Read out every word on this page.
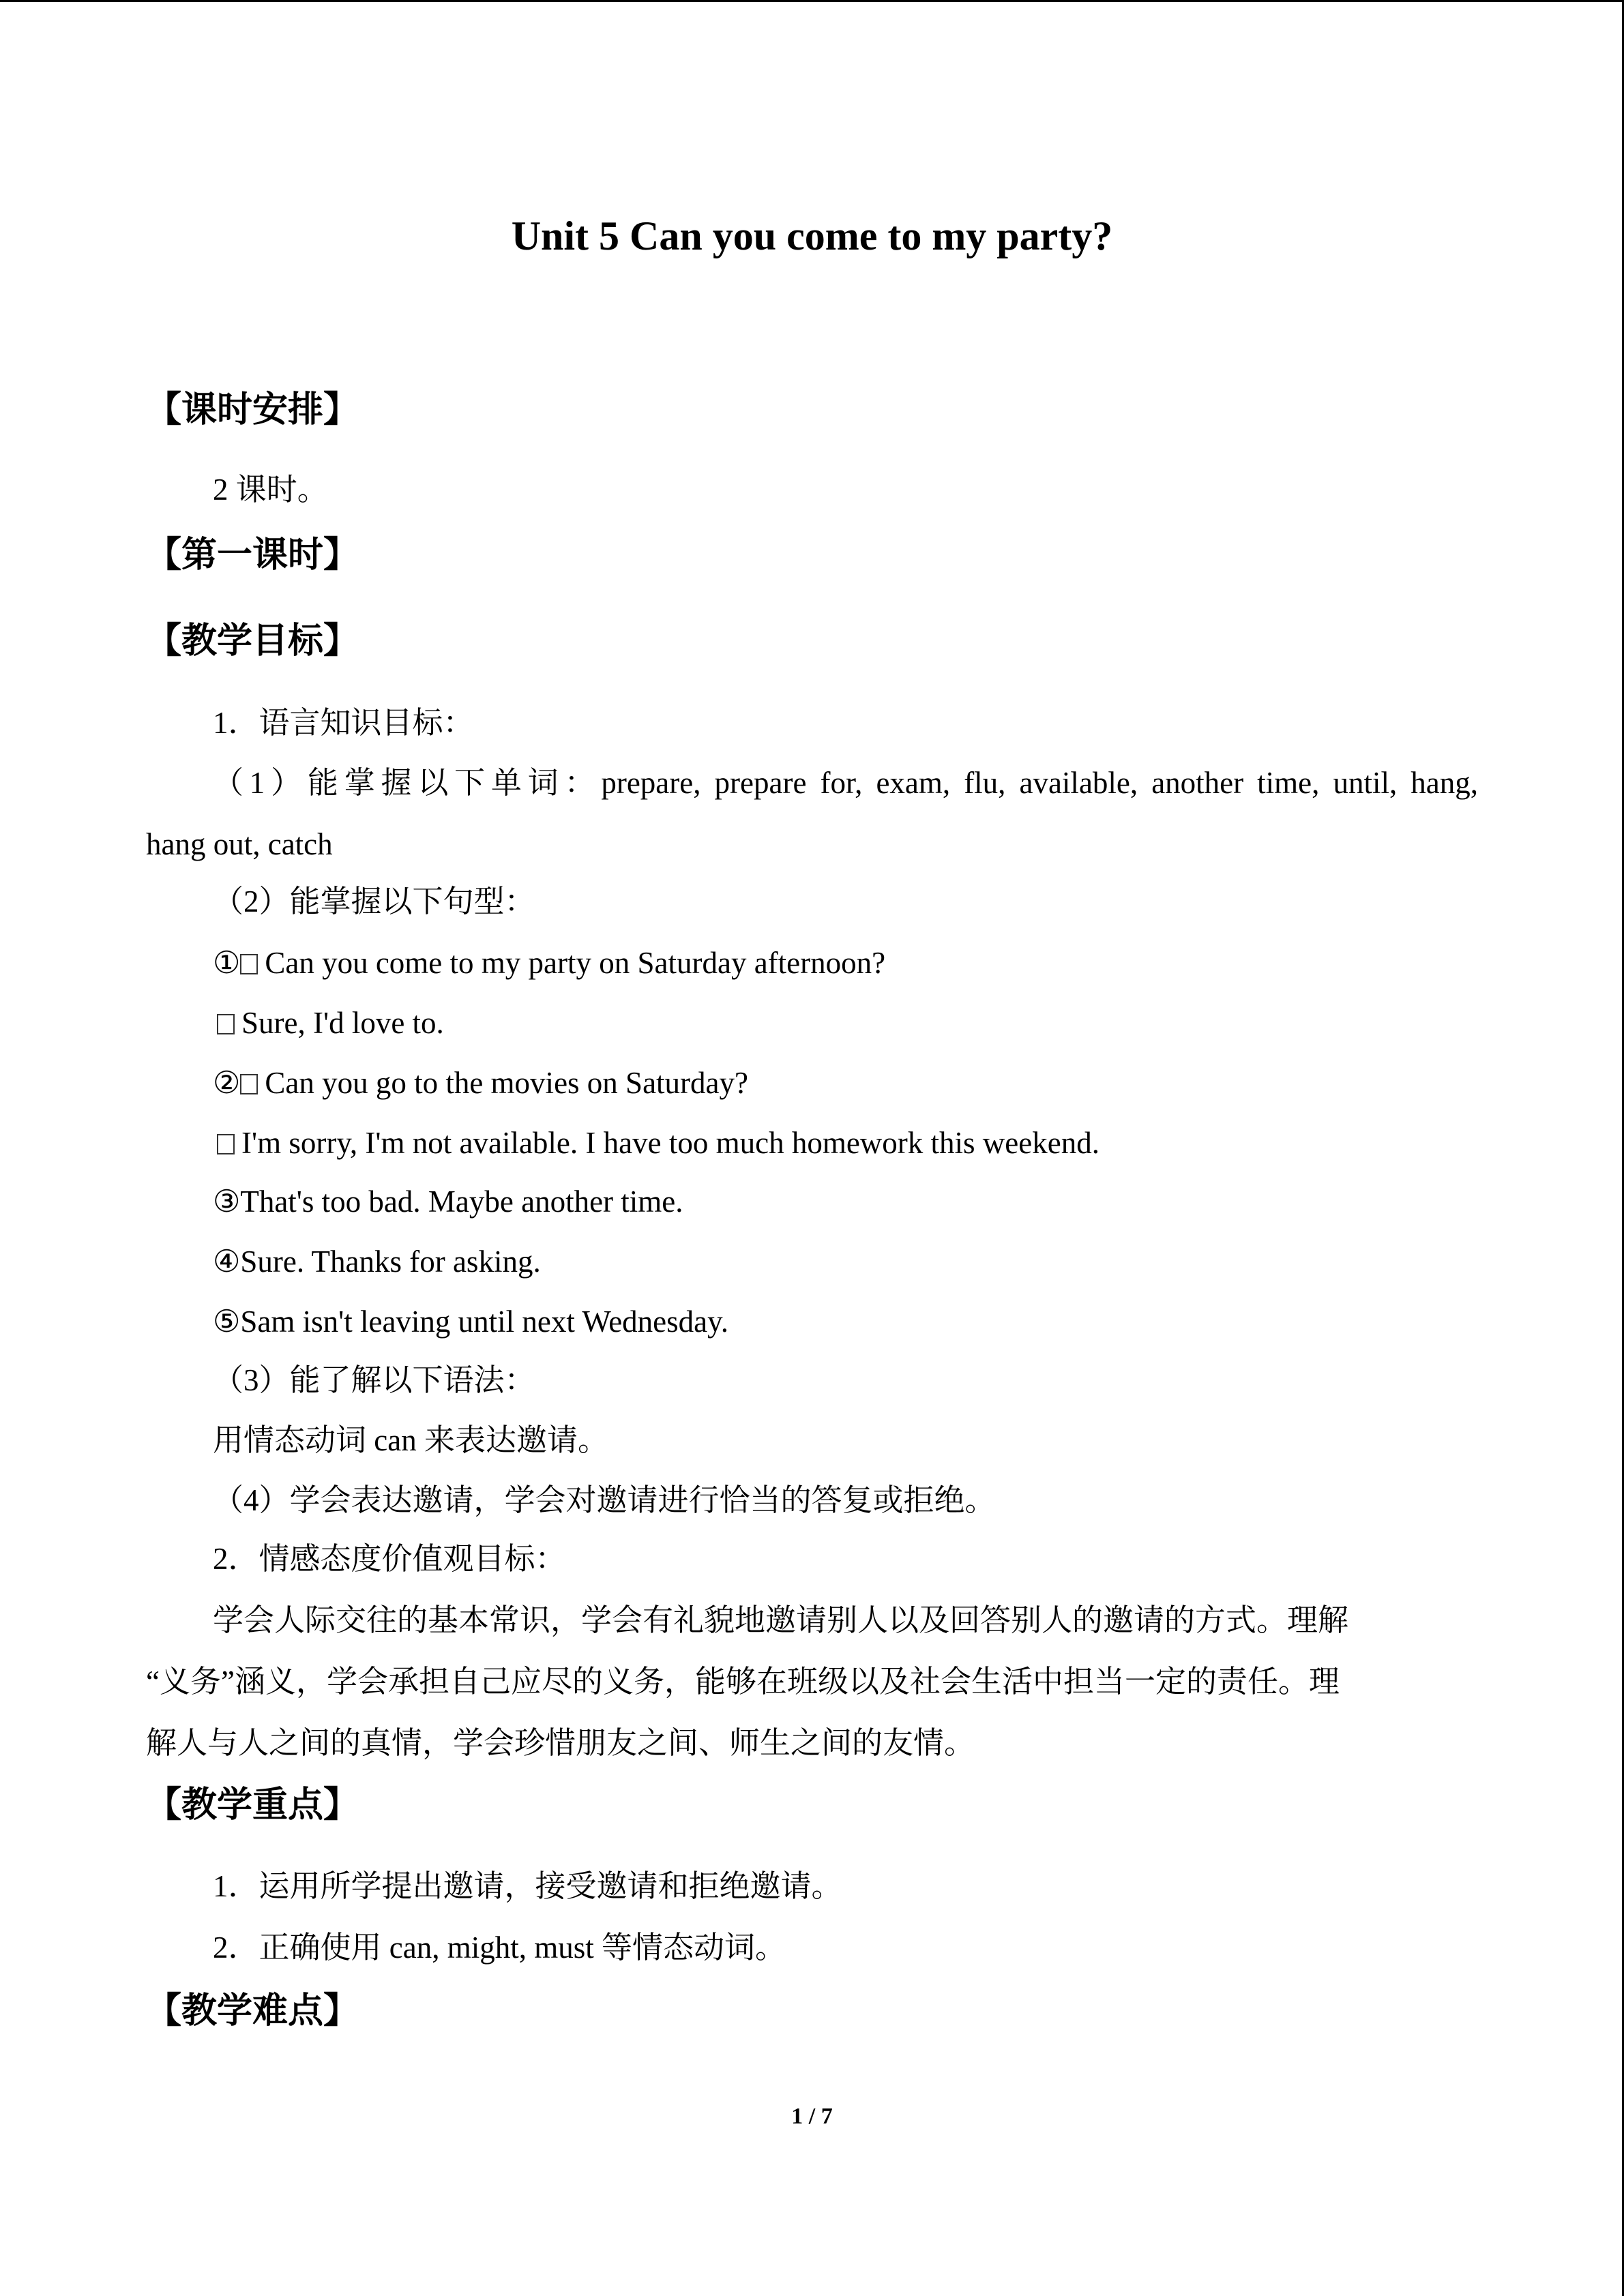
Unit 5 Can you come to my party?
【课时安排】
2 课时。
【第一课时】
【教学目标】
1．语言知识目标：
（1）能掌握以下单词：prepare, prepare for, exam, flu, available, another time, until, hang,
hang out, catch
（2）能掌握以下句型：
① Can you come to my party on Saturday afternoon?
Sure, I'd love to.
② Can you go to the movies on Saturday?
I'm sorry, I'm not available. I have too much homework this weekend.
③That's too bad. Maybe another time.
④Sure. Thanks for asking.
⑤Sam isn't leaving until next Wednesday.
（3）能了解以下语法：
用情态动词 can 来表达邀请。
（4）学会表达邀请，学会对邀请进行恰当的答复或拒绝。
2．情感态度价值观目标：
学会人际交往的基本常识，学会有礼貌地邀请别人以及回答别人的邀请的方式。理解
“义务”涵义，学会承担自己应尽的义务，能够在班级以及社会生活中担当一定的责任。理
解人与人之间的真情，学会珍惜朋友之间、师生之间的友情。
【教学重点】
1．运用所学提出邀请，接受邀请和拒绝邀请。
2．正确使用 can, might, must 等情态动词。
【教学难点】
1 / 7
